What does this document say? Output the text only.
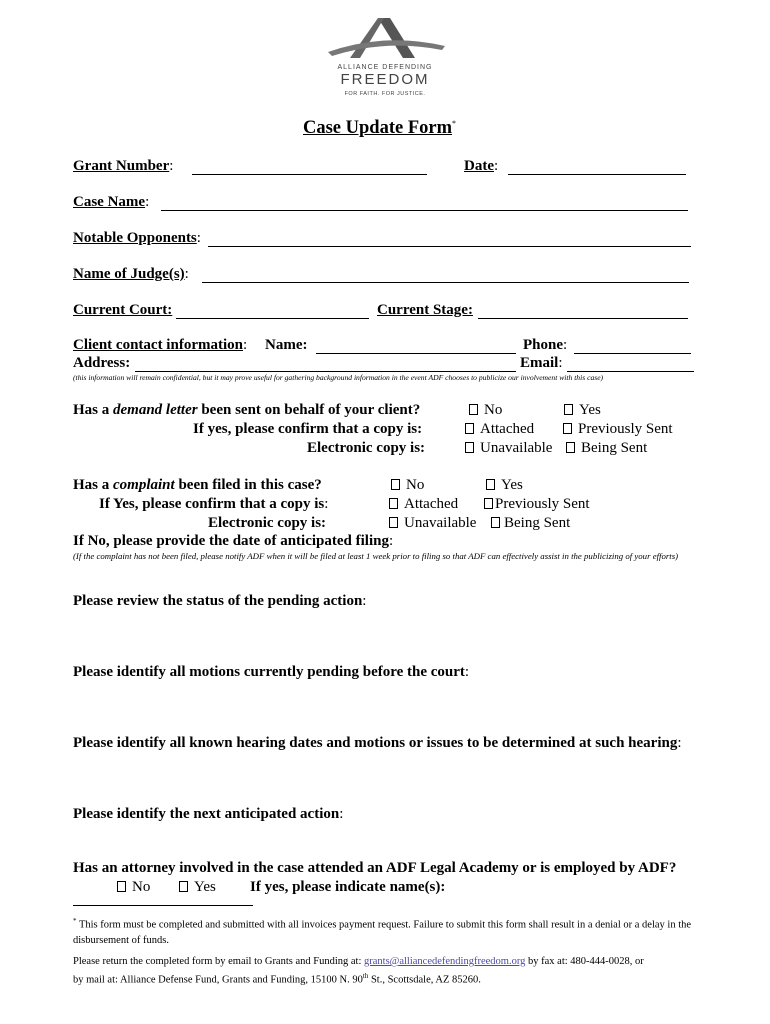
ALLIANCE DEFENDING
FREEDOM
FOR FAITH. FOR JUSTICE.
Case Update Form*
Grant Number:	Date:
Case Name:
Notable Opponents:
Name of Judge(s):
Current Court:	Current Stage:
Client contact information: Name:	Phone:
Address:	Email:
(this information will remain confidential, but it may prove useful for gathering background information in the event ADF chooses to publicize our involvement with this case)
Has a demand letter been sent on behalf of your client?	No	Yes
If yes, please confirm that a copy is:	Attached	Previously Sent
Electronic copy is:	Unavailable	Being Sent
Has a complaint been filed in this case?	No	Yes
If Yes, please confirm that a copy is:	Attached	Previously Sent
Electronic copy is:	Unavailable	Being Sent
If No, please provide the date of anticipated filing:
(If the complaint has not been filed, please notify ADF when it will be filed at least 1 week prior to filing so that ADF can effectively assist in the publicizing of your efforts)
Please review the status of the pending action:
Please identify all motions currently pending before the court:
Please identify all known hearing dates and motions or issues to be determined at such hearing:
Please identify the next anticipated action:
Has an attorney involved in the case attended an ADF Legal Academy or is employed by ADF?
No	Yes If yes, please indicate name(s):
* This form must be completed and submitted with all invoices payment request. Failure to submit this form shall result in a denial or a delay in the disbursement of funds.
Please return the completed form by email to Grants and Funding at: grants@alliancedefendingfreedom.org by fax at: 480-444-0028, or
by mail at: Alliance Defense Fund, Grants and Funding, 15100 N. 90th St., Scottsdale, AZ 85260.
